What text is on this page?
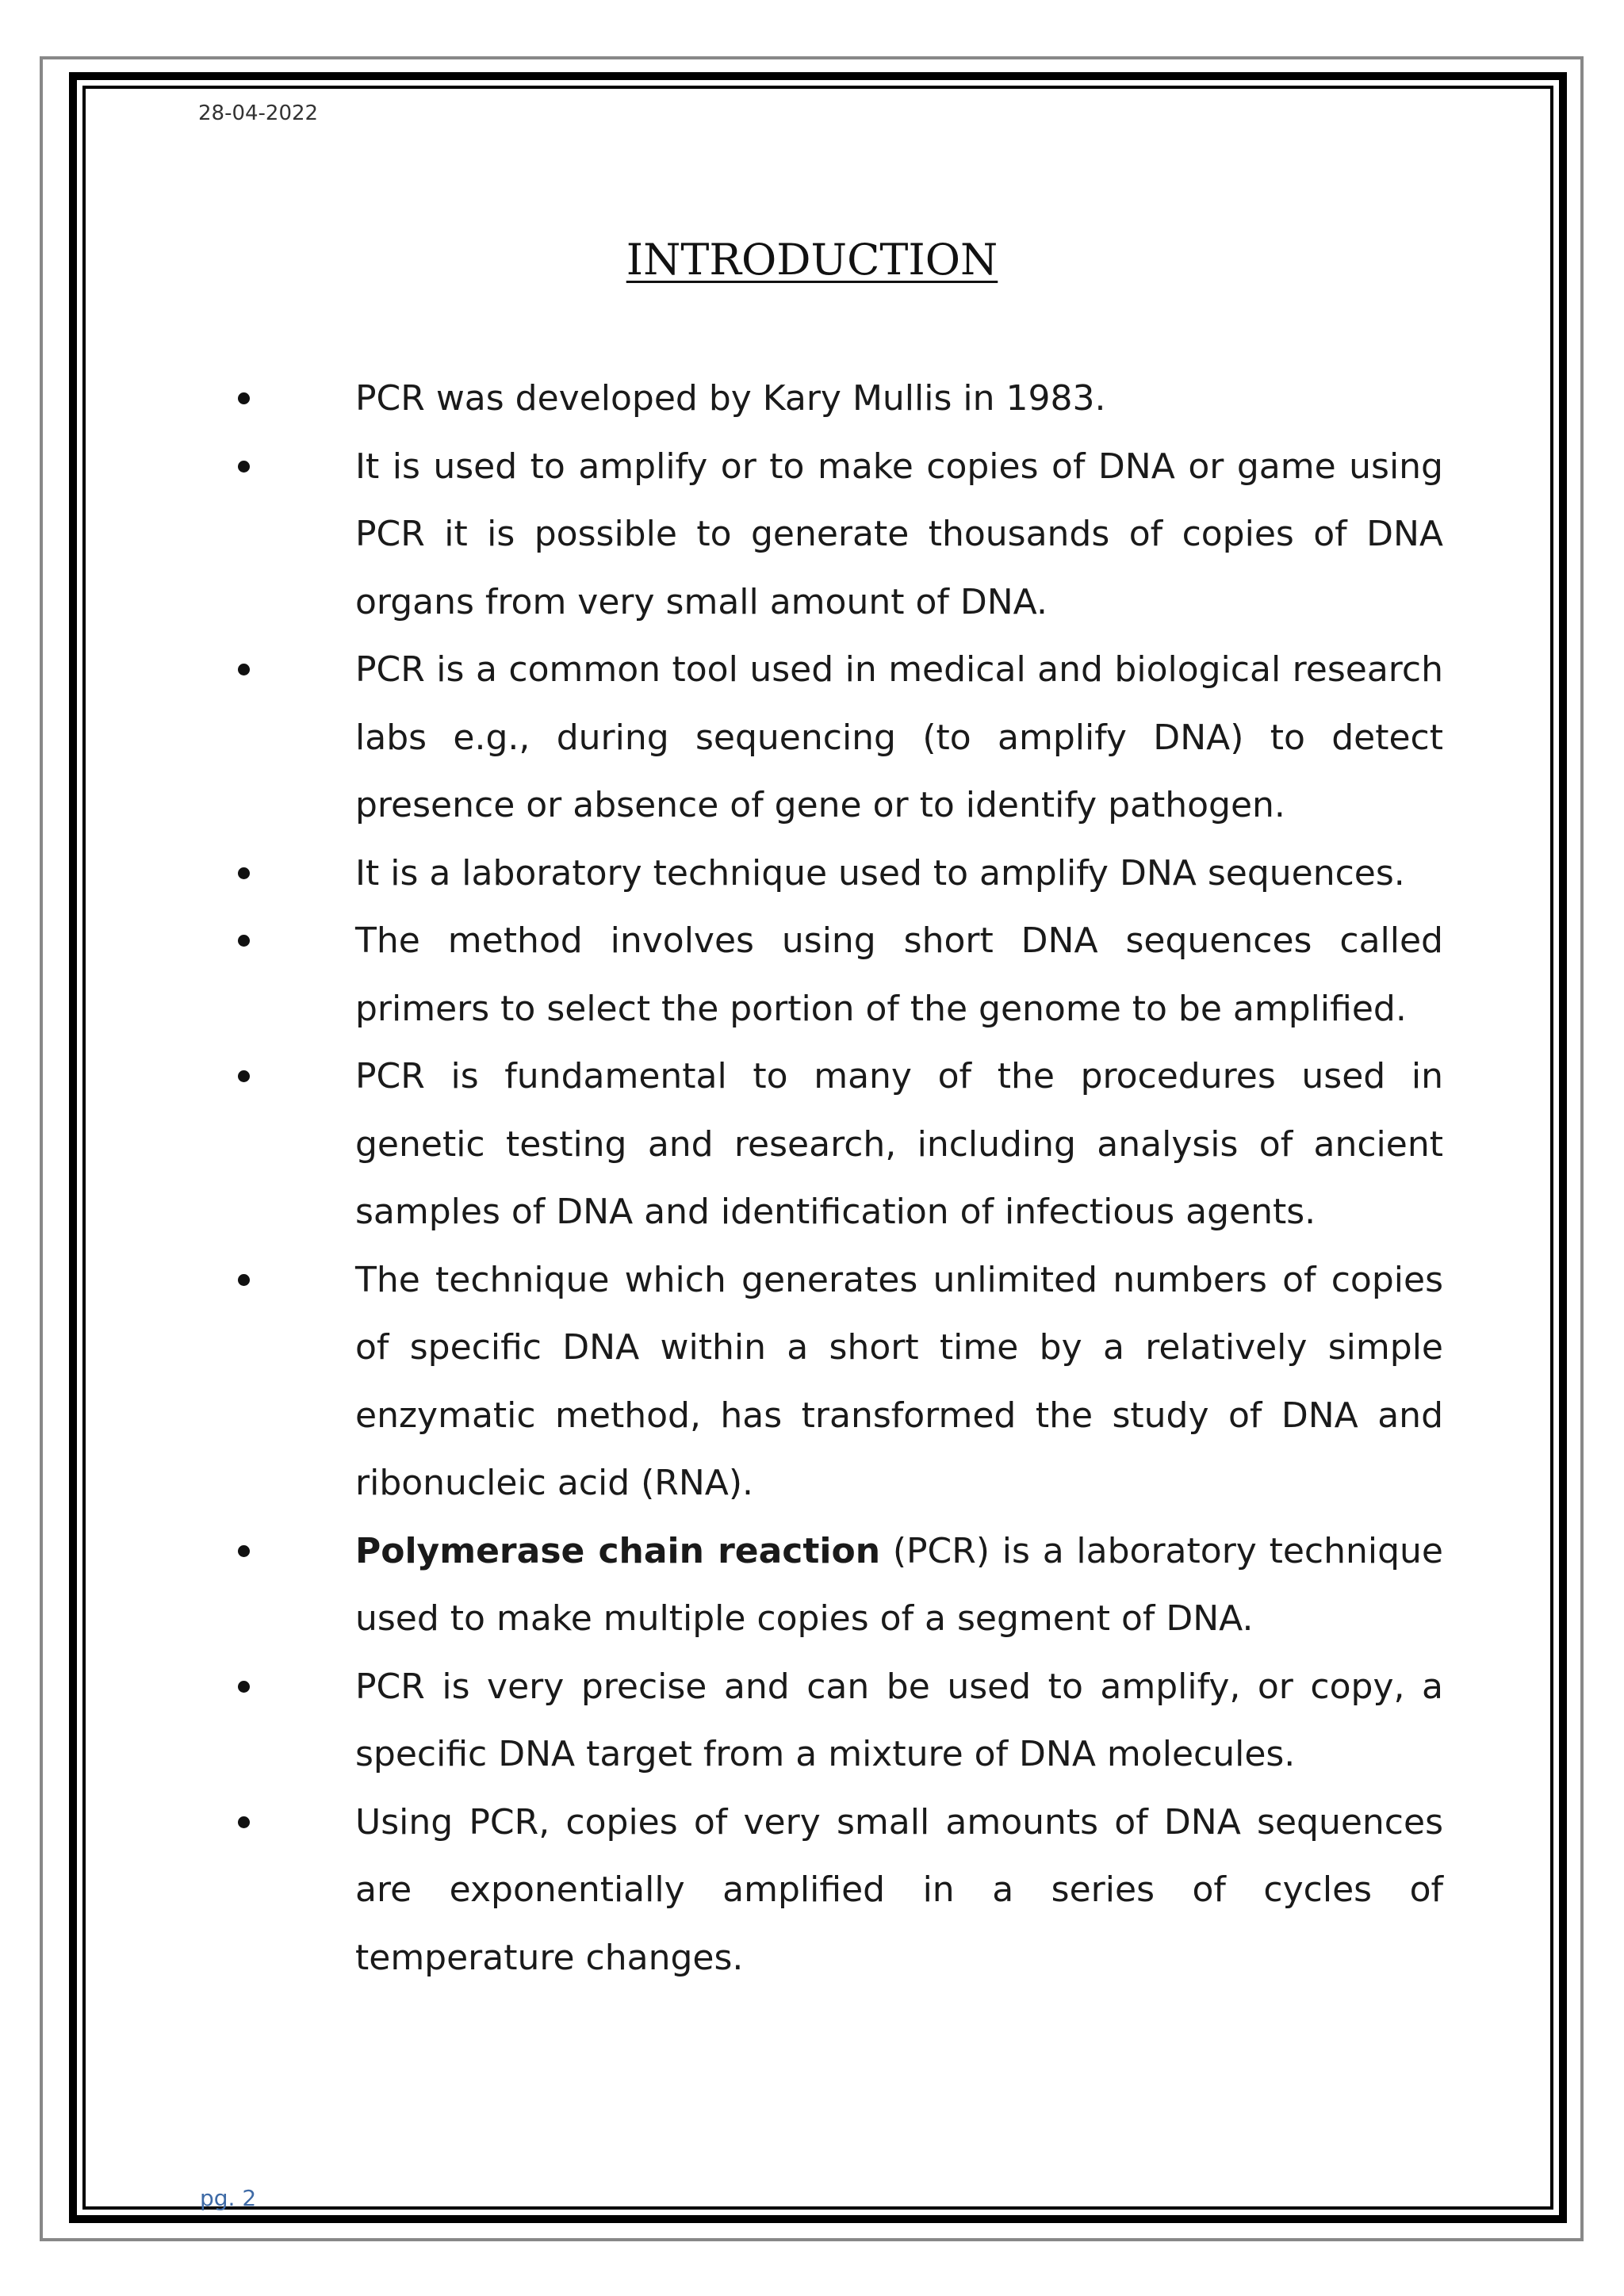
28-04-2022
INTRODUCTION
PCR was developed by Kary Mullis in 1983.
It is used to amplify or to make copies of DNA or game using PCR it is possible to generate thousands of copies of DNA organs from very small amount of DNA.
PCR is a common tool used in medical and biological research labs e.g., during sequencing (to amplify DNA) to detect presence or absence of gene or to identify pathogen.
It is a laboratory technique used to amplify DNA sequences.
The method involves using short DNA sequences called primers to select the portion of the genome to be amplified.
PCR is fundamental to many of the procedures used in genetic testing and research, including analysis of ancient samples of DNA and identification of infectious agents.
The technique which generates unlimited numbers of copies of specific DNA within a short time by a relatively simple enzymatic method, has transformed the study of DNA and ribonucleic acid (RNA).
Polymerase chain reaction (PCR) is a laboratory technique used to make multiple copies of a segment of DNA.
PCR is very precise and can be used to amplify, or copy, a specific DNA target from a mixture of DNA molecules.
Using PCR, copies of very small amounts of DNA sequences are exponentially amplified in a series of cycles of temperature changes.
pg. 2
